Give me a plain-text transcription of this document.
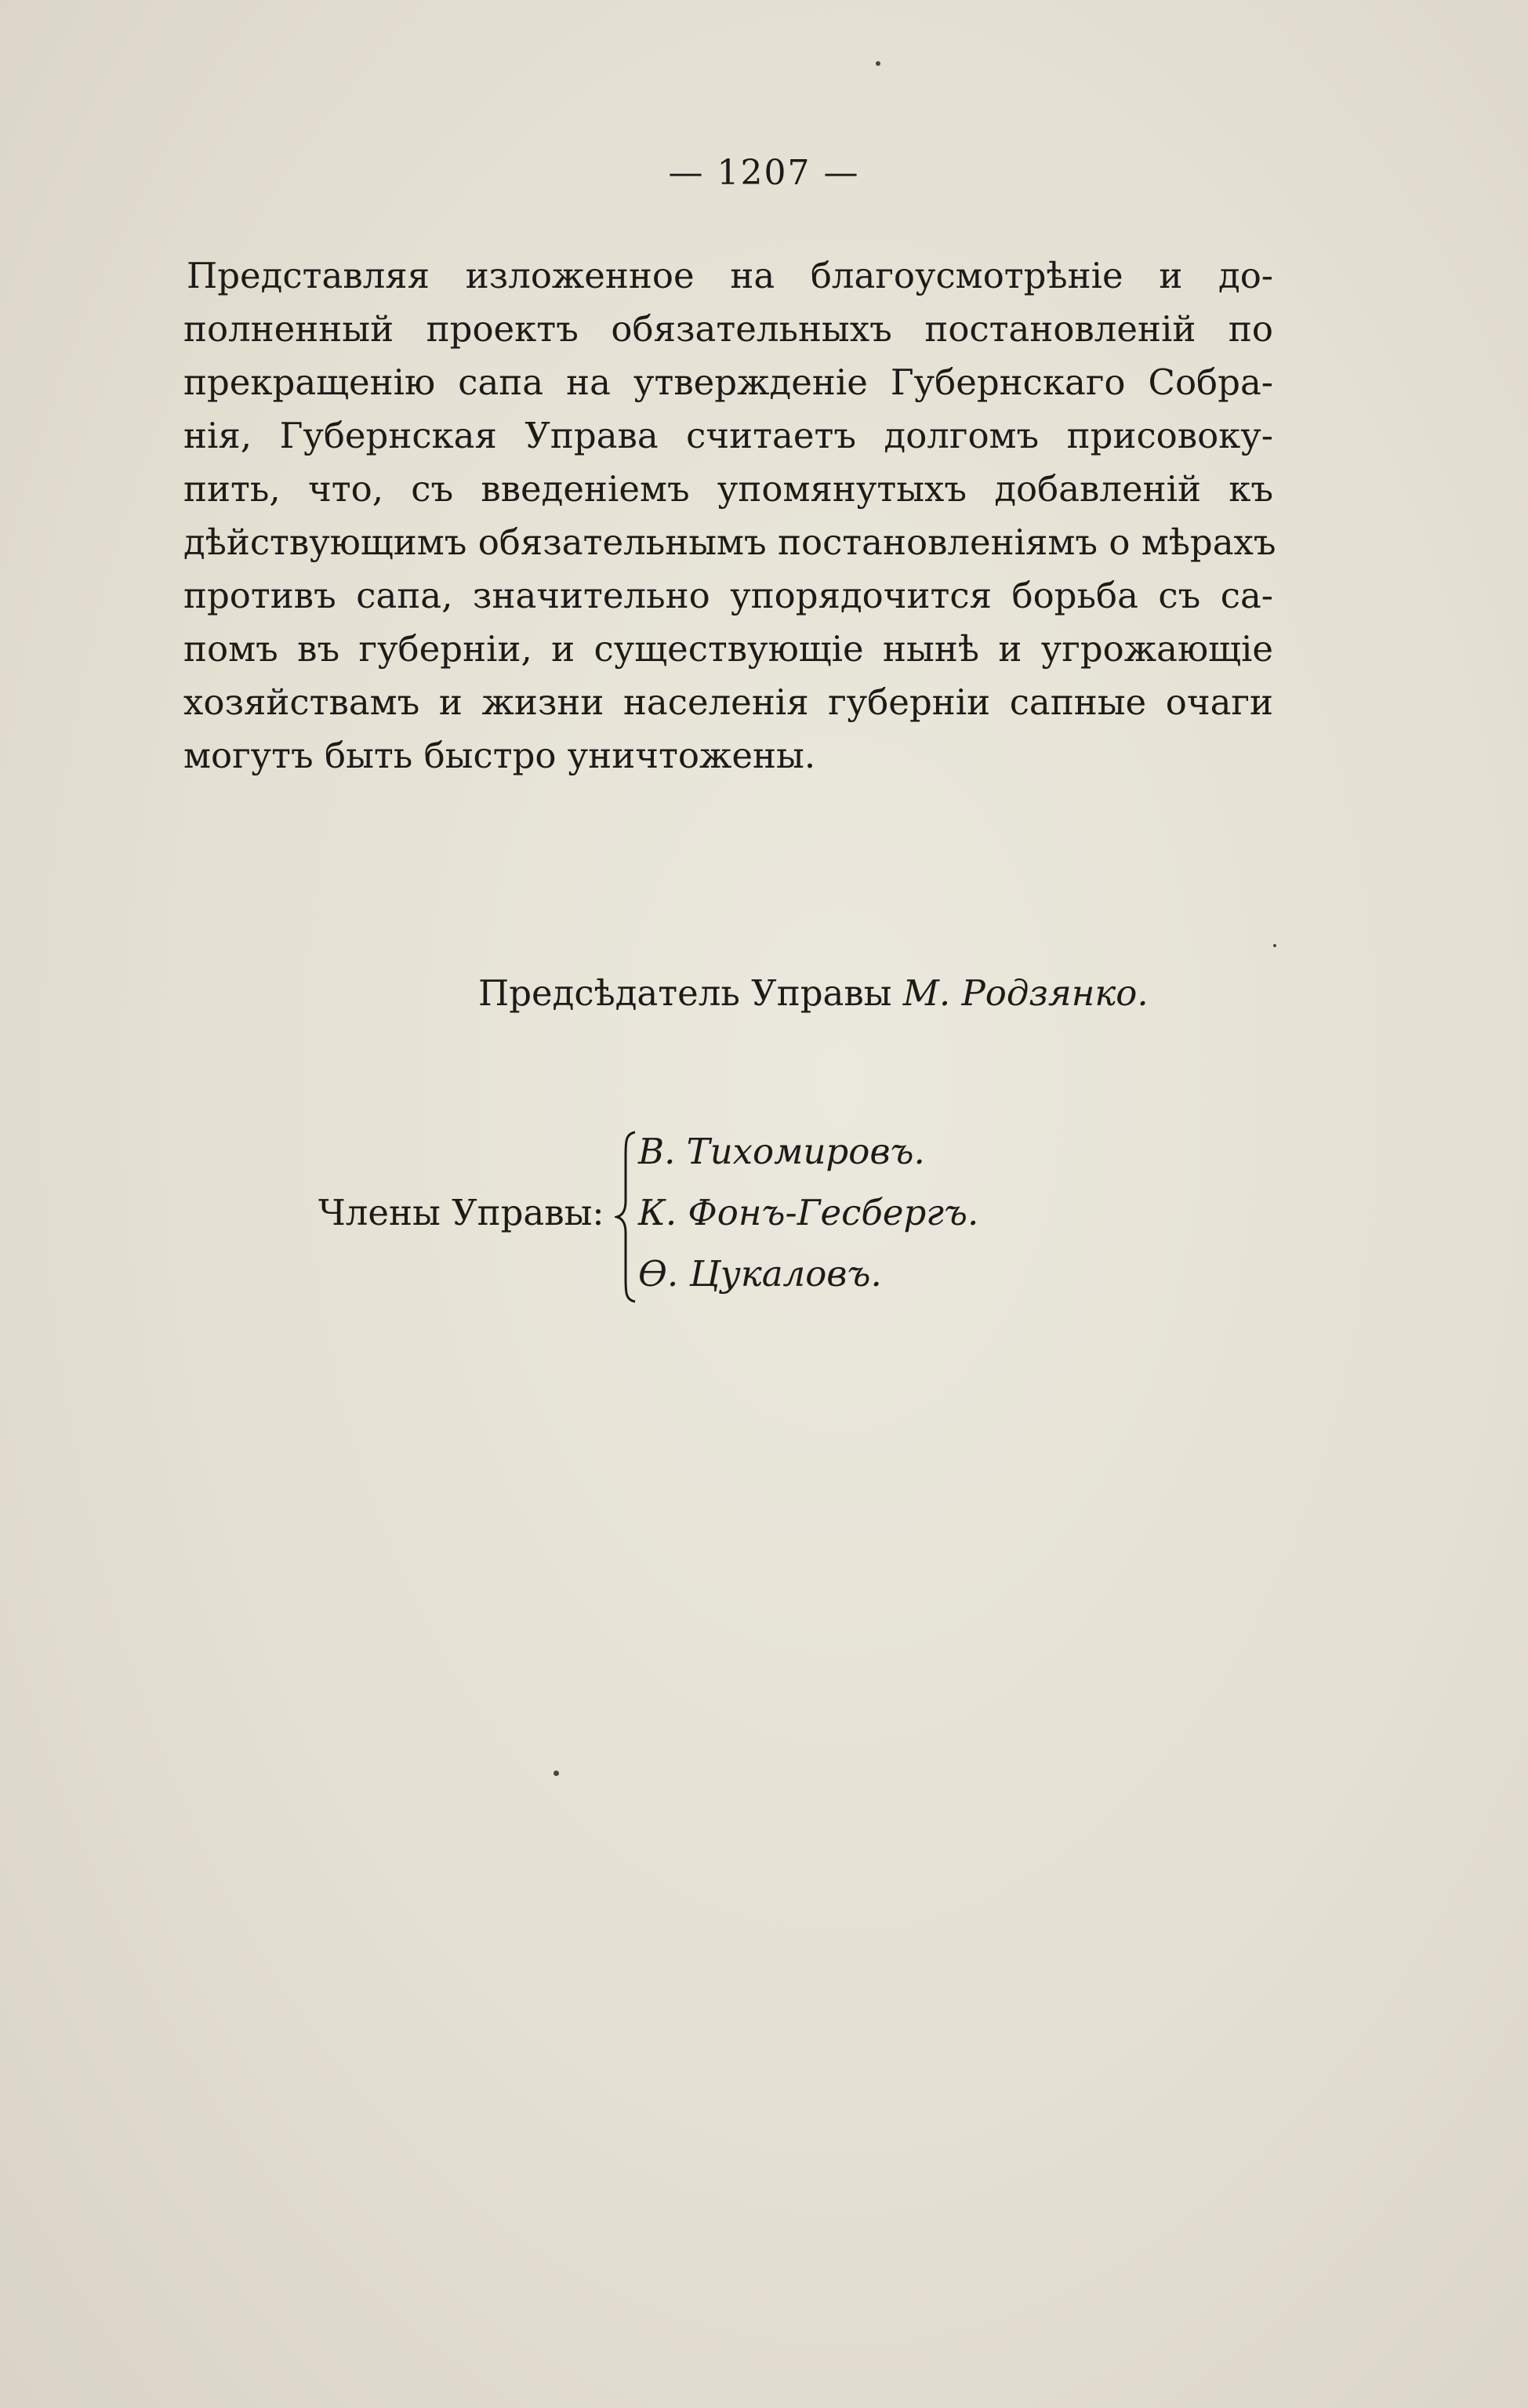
— 1207 —
Представляя изложенное на благоусмотрѣніе и до-
полненный проектъ обязательныхъ постановленій по
прекращенію сапа на утвержденіе Губернскаго Собра-
нія, Губернская Управа считаетъ долгомъ присовоку-
пить, что, съ введеніемъ упомянутыхъ добавленій къ
дѣйствующимъ обязательнымъ постановленіямъ о мѣрахъ
противъ сапа, значительно упорядочится борьба съ са-
помъ въ губерніи, и существующіе нынѣ и угрожающіе
хозяйствамъ и жизни населенія губерніи сапные очаги
могутъ быть быстро уничтожены.
Предсѣдатель Управы М. Родзянко.
Члены Управы:
В. Тихомировъ.
К. Фонъ-Гесбергъ.
Ѳ. Цукаловъ.
